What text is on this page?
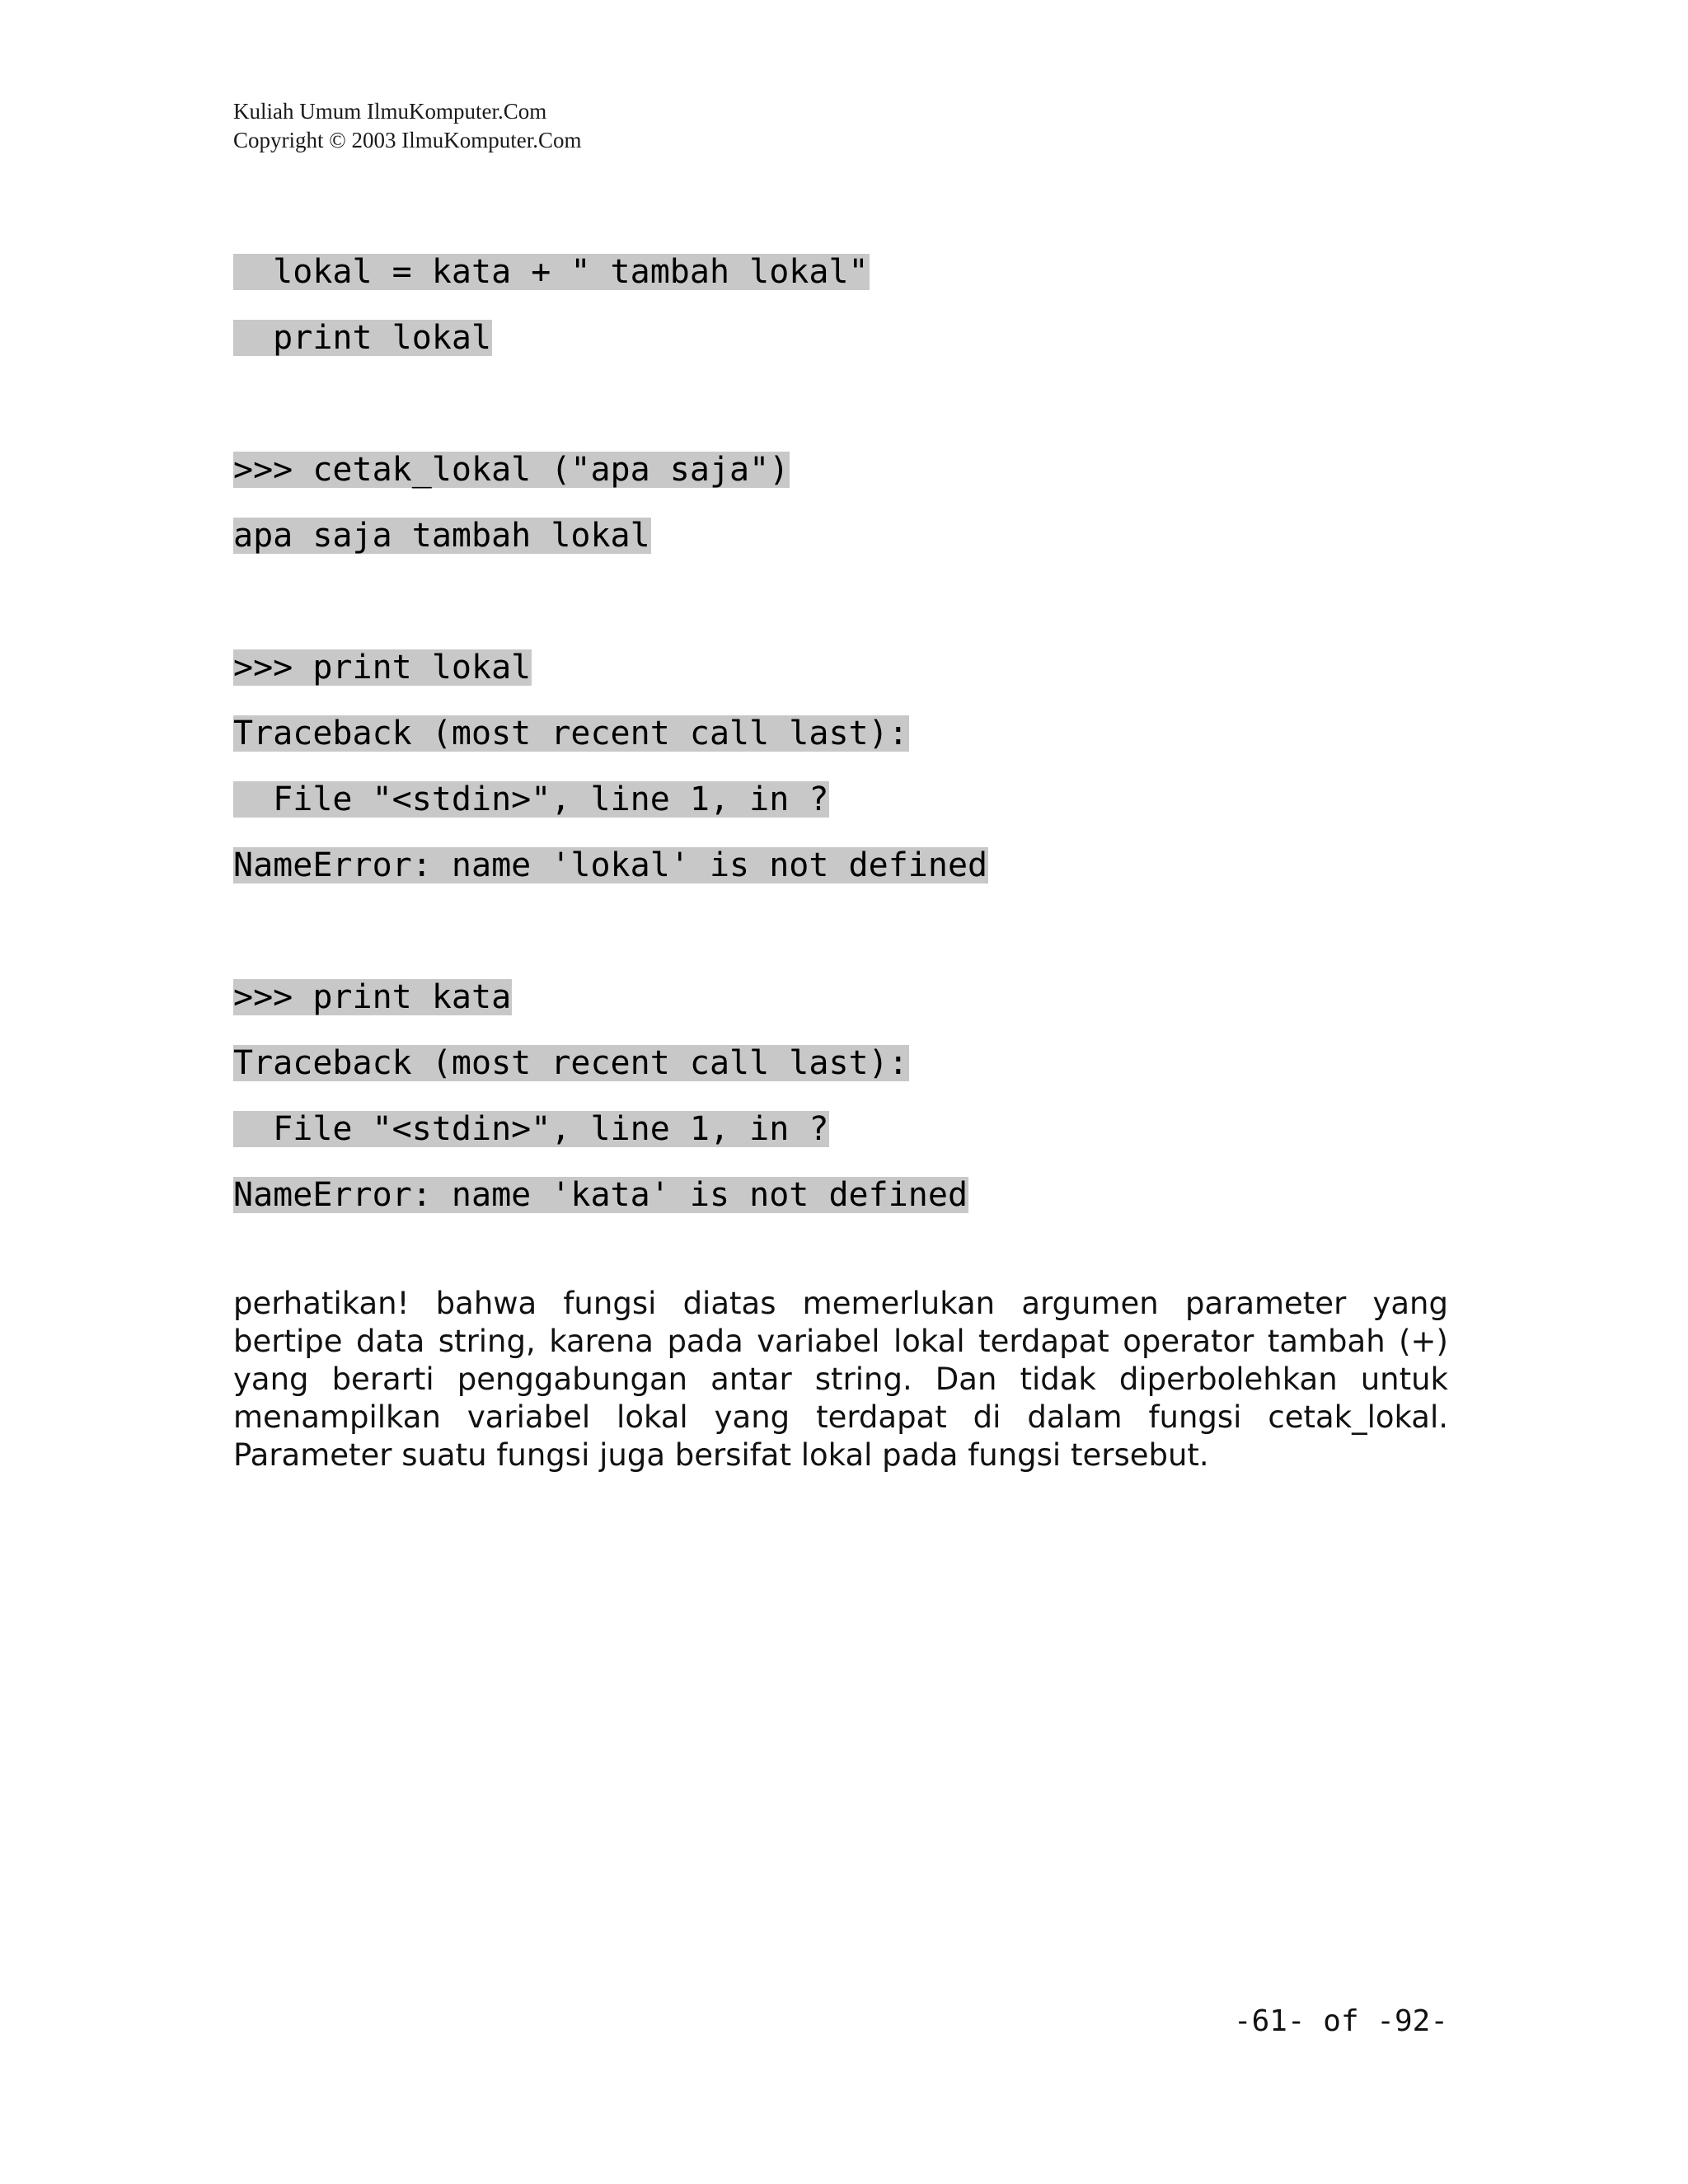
Kuliah Umum IlmuKomputer.Com
Copyright © 2003 IlmuKomputer.Com
lokal = kata + " tambah lokal"
print lokal
>>> cetak_lokal ("apa saja")
apa saja tambah lokal
>>> print lokal
Traceback (most recent call last):
File "<stdin>", line 1, in ?
NameError: name 'lokal' is not defined
>>> print kata
Traceback (most recent call last):
File "<stdin>", line 1, in ?
NameError: name 'kata' is not defined

perhatikan! bahwa fungsi diatas memerlukan argumen parameter yang bertipe data string, karena pada variabel lokal terdapat operator tambah (+) yang berarti penggabungan antar string. Dan tidak diperbolehkan untuk menampilkan variabel lokal yang terdapat di dalam fungsi cetak_lokal. Parameter suatu fungsi juga bersifat lokal pada fungsi tersebut.

-61- of -92-
